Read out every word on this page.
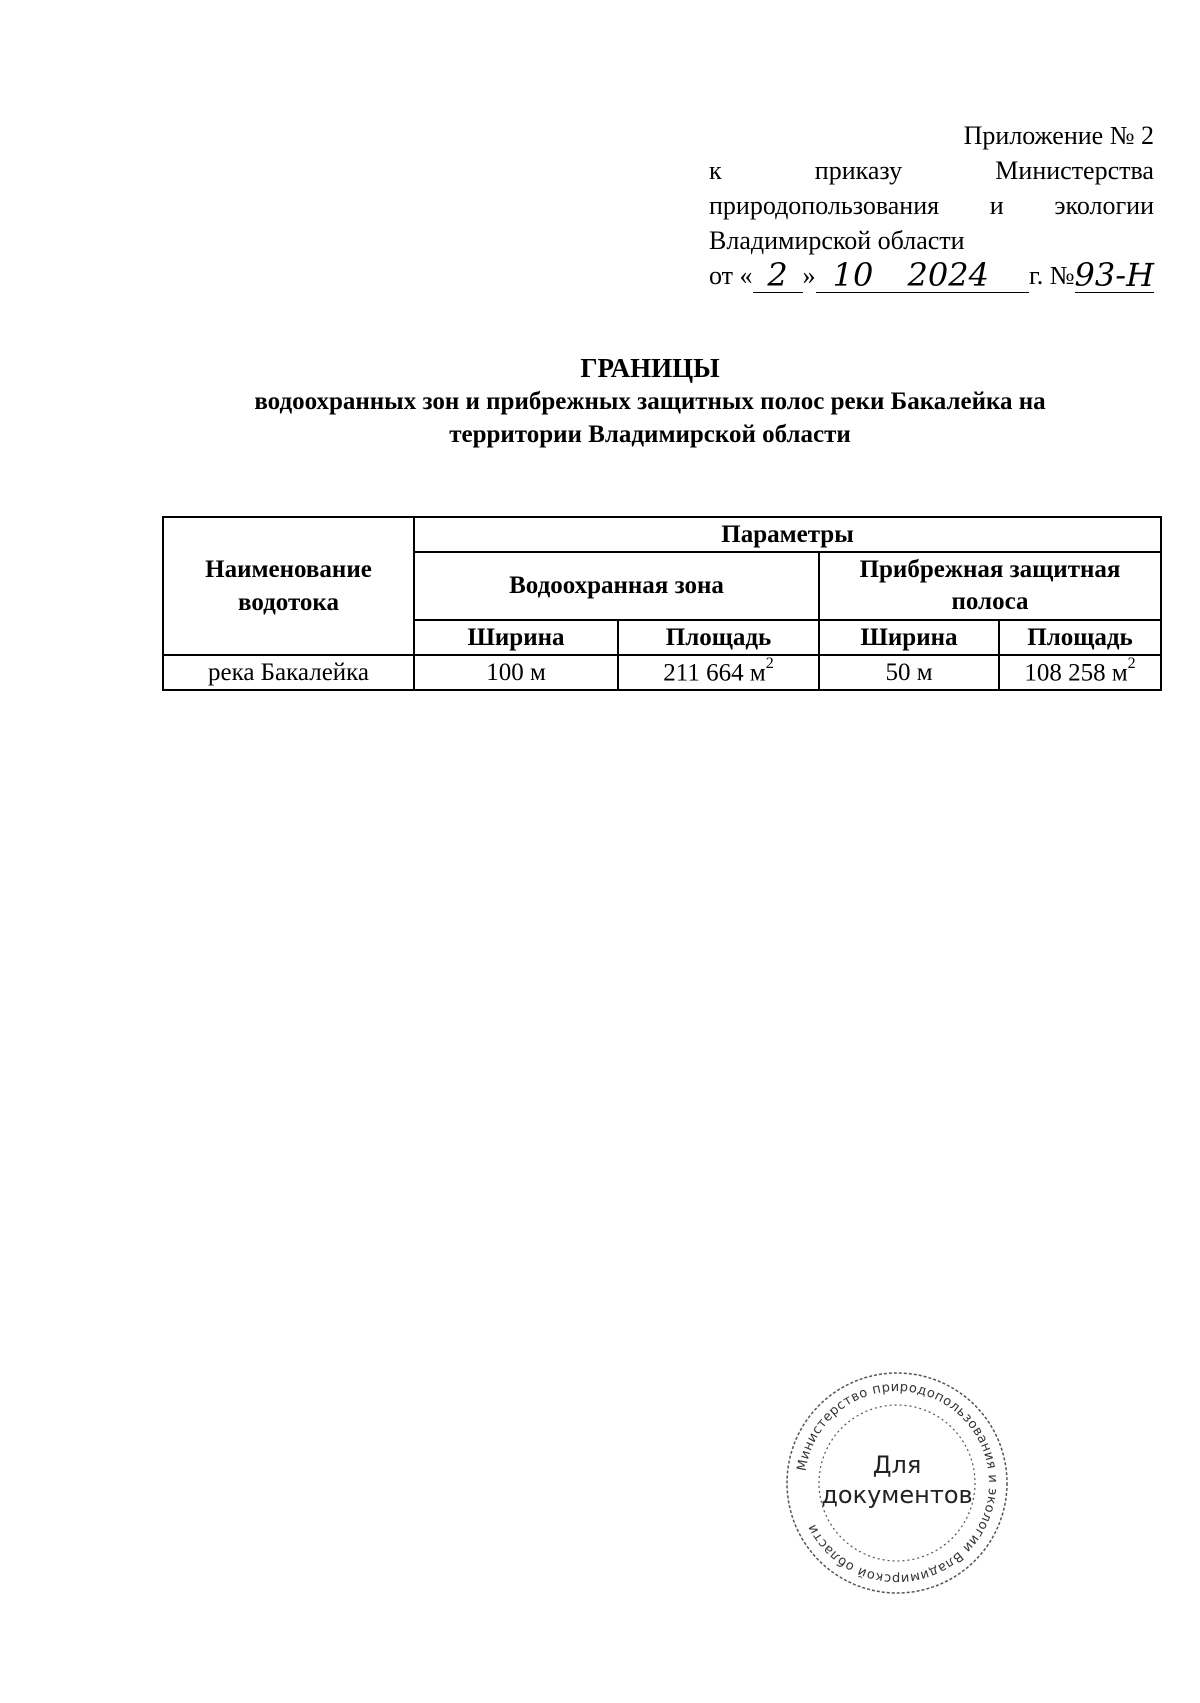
Приложение № 2
к	приказу	Министерства
природопользования и экологии
Владимирской области
от « 2 » 10	2024	г. № 93-Н
ГРАНИЦЫ
водоохранных зон и прибрежных защитных полос реки Бакалейка на
территории Владимирской области
Наименование водотока	Параметры			
	Водоохранная зона		Прибрежная защитная полоса	
	Ширина	Площадь	Ширина	Площадь
река Бакалейка	100 м	211 664 $м^2$	50 м	108 258 $м^2$
Министерство природопользования и экологии Владимирской области
Для
документов
